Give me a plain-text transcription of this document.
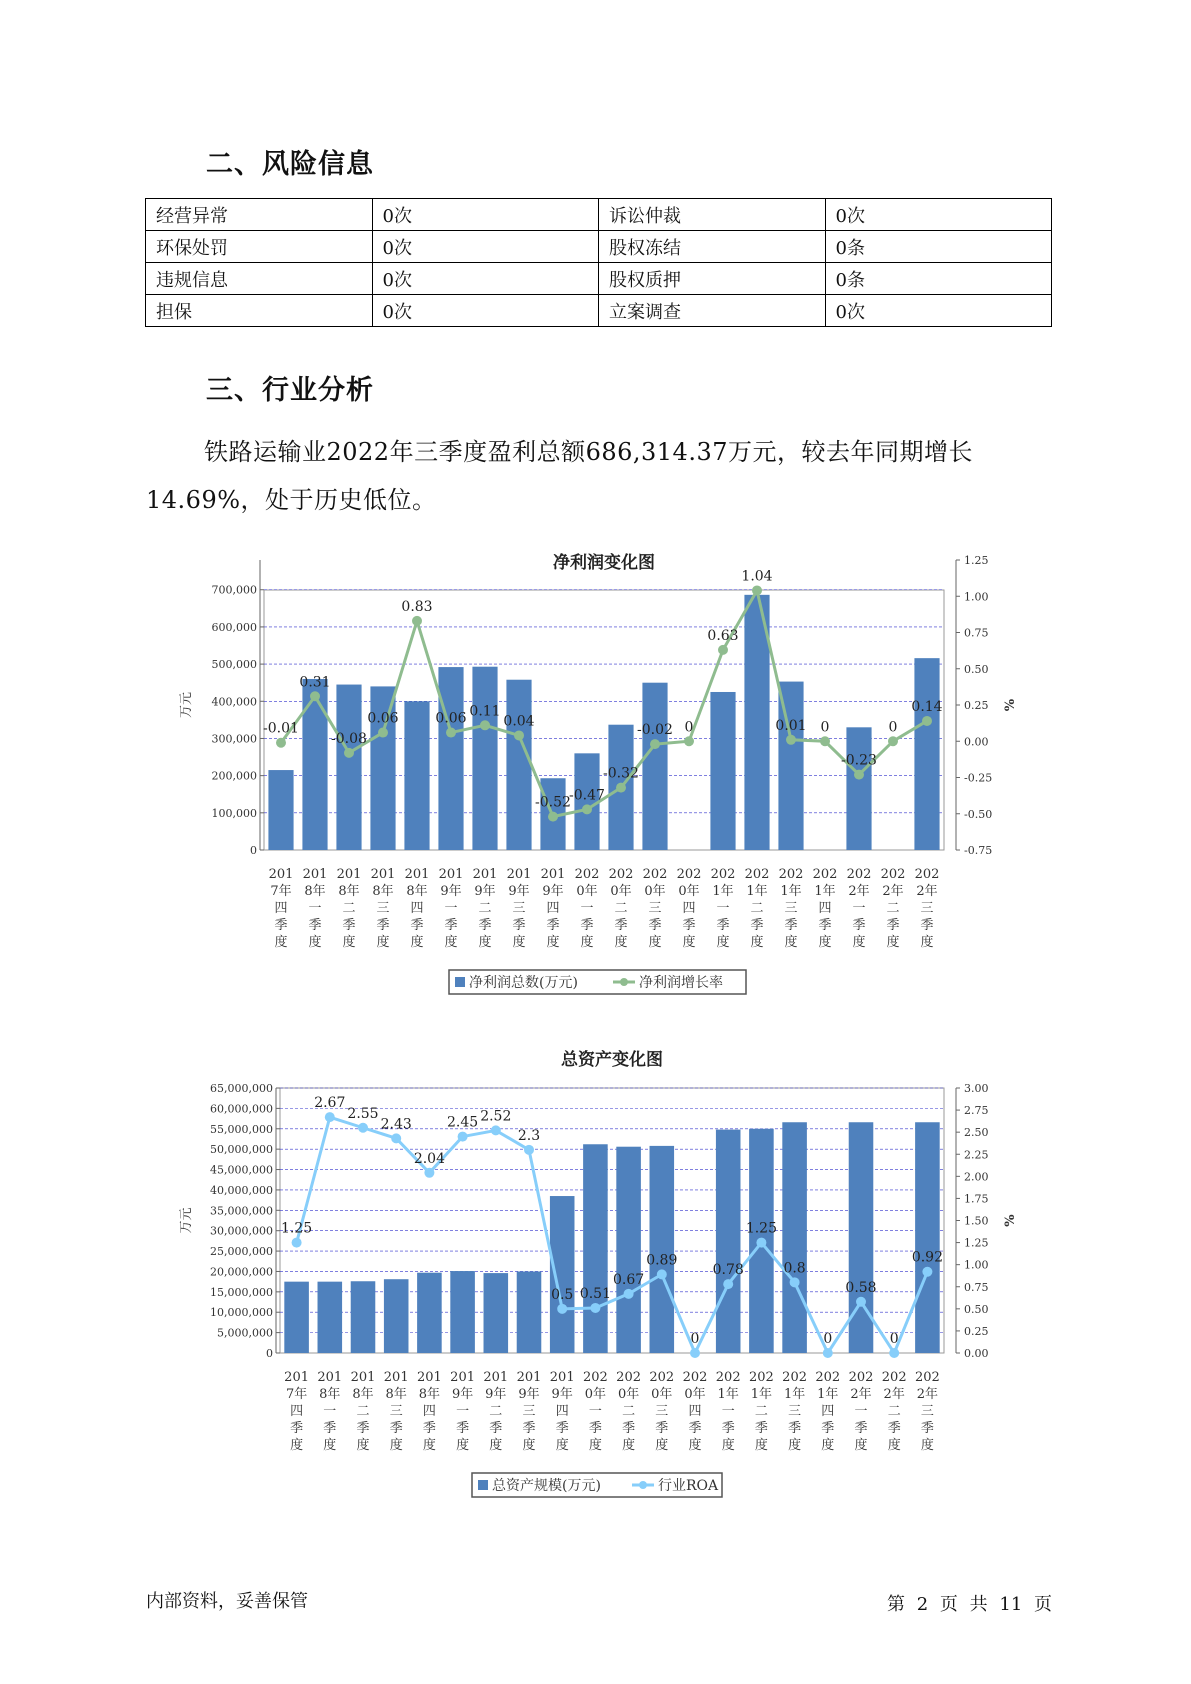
二、风险信息
经营异常	0次	诉讼仲裁	0次
环保处罚	0次	股权冻结	0条
违规信息	0次	股权质押	0条
担保	0次	立案调查	0次
三、行业分析
铁路运输业2022年三季度盈利总额686,314.37万元，较去年同期增长14.69%，处于历史低位。
净利润变化图
0
100,000
200,000
300,000
400,000
500,000
600,000
700,000
-0.75
-0.50
-0.25
0.00
0.25
0.50
0.75
1.00
1.25
万元	%
-0.01
0.31
-0.08
0.06
0.83
0.06 0.11
0.04
-0.52
-0.47
-0.32
-0.02 0
0.63
1.04
0.01 0
-0.23
0
0.14
201
7年
四
季
度
201
8年
一
季
度
201
8年
二
季
度
201
8年
三
季
度
201
8年
四
季
度
201
9年
一
季
度
201
9年
二
季
度
201
9年
三
季
度
201
9年
四
季
度
202
0年
一
季
度
202
0年
二
季
度
202
0年
三
季
度
202
0年
四
季
度
202
1年
一
季
度
202
1年
二
季
度
202
1年
三
季
度
202
1年
四
季
度
202
2年
一
季
度
202
2年
二
季
度
202
2年
三
季
度
净利润总数(万元)	净利润增长率
总资产变化图
0
5,000,000
10,000,000
15,000,000
20,000,000
25,000,000
30,000,000
35,000,000
40,000,000
45,000,000
50,000,000
55,000,000
60,000,000
65,000,000
0.00
0.25
0.50
0.75
1.00
1.25
1.50
1.75
2.00
2.25
2.50
2.75
3.00
万元	%
1.25
2.67
2.55
2.43
2.04
2.45 2.52
2.3
0.5 0.51
0.67
0.89
0
0.78
1.25
0.8
0
0.58
0
0.92
201
7年
四
季
度
201
8年
一
季
度
201
8年
二
季
度
201
8年
三
季
度
201
8年
四
季
度
201
9年
一
季
度
201
9年
二
季
度
201
9年
三
季
度
201
9年
四
季
度
202
0年
一
季
度
202
0年
二
季
度
202
0年
三
季
度
202
0年
四
季
度
202
1年
一
季
度
202
1年
二
季
度
202
1年
三
季
度
202
1年
四
季
度
202
2年
一
季
度
202
2年
二
季
度
202
2年
三
季
度
总资产规模(万元)	行业ROA
内部资料，妥善保管	第 2 页 共 11 页
